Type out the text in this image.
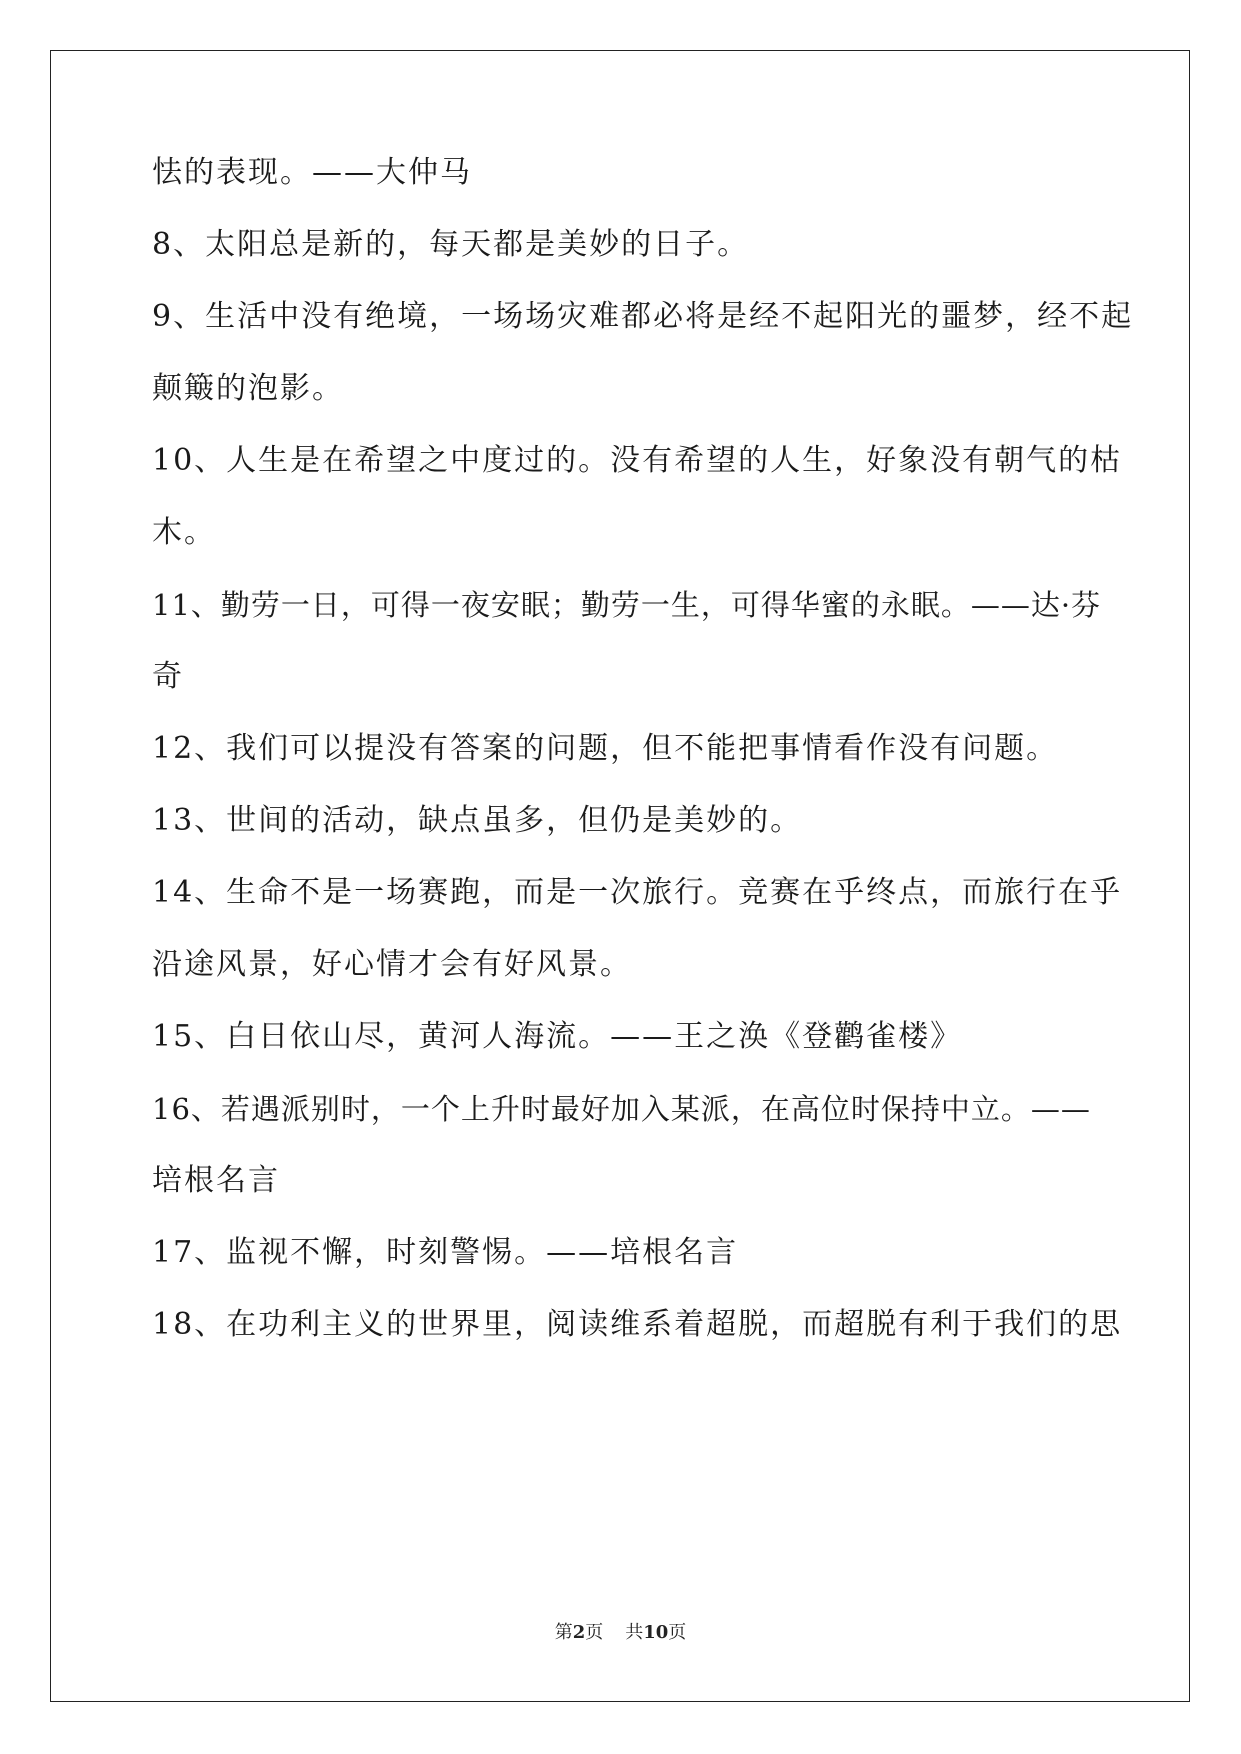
怯的表现。——大仲马
8、太阳总是新的，每天都是美妙的日子。
9、生活中没有绝境，一场场灾难都必将是经不起阳光的噩梦，经不起
颠簸的泡影。
10、人生是在希望之中度过的。没有希望的人生，好象没有朝气的枯
木。
11、勤劳一日，可得一夜安眠；勤劳一生，可得华蜜的永眠。——达·芬
奇
12、我们可以提没有答案的问题，但不能把事情看作没有问题。
13、世间的活动，缺点虽多，但仍是美妙的。
14、生命不是一场赛跑，而是一次旅行。竞赛在乎终点，而旅行在乎
沿途风景，好心情才会有好风景。
15、白日依山尽，黄河人海流。——王之涣《登鹳雀楼》
16、若遇派别时，一个上升时最好加入某派，在高位时保持中立。——
培根名言
17、监视不懈，时刻警惕。——培根名言
18、在功利主义的世界里，阅读维系着超脱，而超脱有利于我们的思
第2页 共10页
